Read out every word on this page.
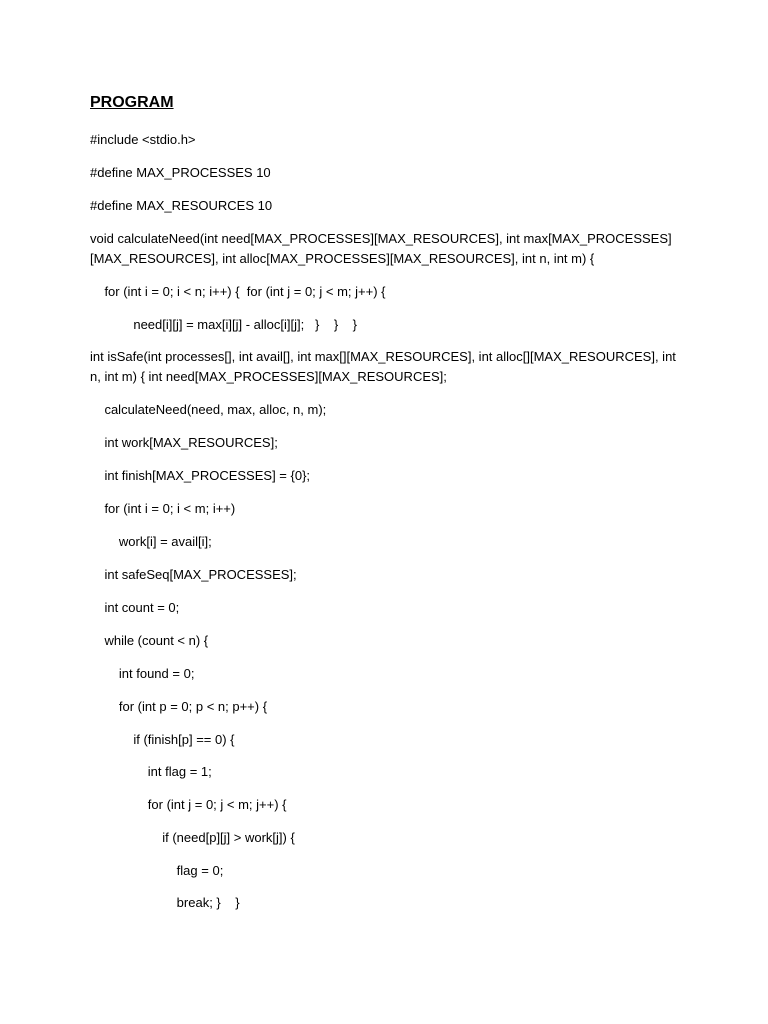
PROGRAM
#include <stdio.h>
#define MAX_PROCESSES 10
#define MAX_RESOURCES 10
void calculateNeed(int need[MAX_PROCESSES][MAX_RESOURCES], int max[MAX_PROCESSES][MAX_RESOURCES], int alloc[MAX_PROCESSES][MAX_RESOURCES], int n, int m) {
for (int i = 0; i < n; i++) {  for (int j = 0; j < m; j++) {
need[i][j] = max[i][j] - alloc[i][j];   }    }    }
int isSafe(int processes[], int avail[], int max[][MAX_RESOURCES], int alloc[][MAX_RESOURCES], int n, int m) { int need[MAX_PROCESSES][MAX_RESOURCES];
calculateNeed(need, max, alloc, n, m);
int work[MAX_RESOURCES];
int finish[MAX_PROCESSES] = {0};
for (int i = 0; i < m; i++)
work[i] = avail[i];
int safeSeq[MAX_PROCESSES];
int count = 0;
while (count < n) {
int found = 0;
for (int p = 0; p < n; p++) {
if (finish[p] == 0) {
int flag = 1;
for (int j = 0; j < m; j++) {
if (need[p][j] > work[j]) {
flag = 0;
break; }    }
